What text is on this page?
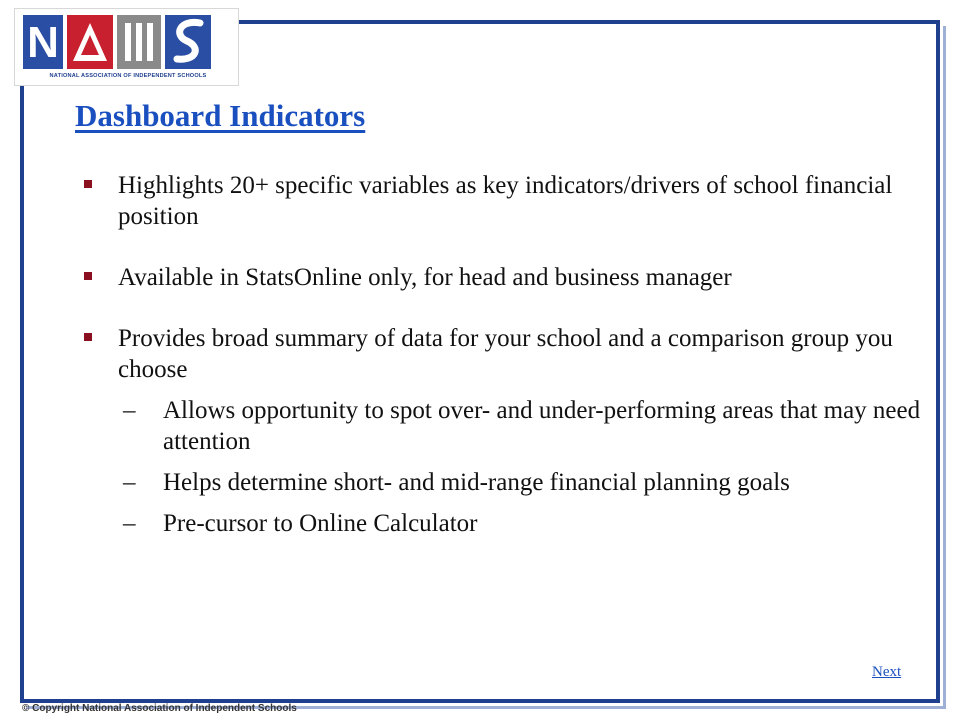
N
NATIONAL ASSOCIATION OF INDEPENDENT SCHOOLS
Dashboard Indicators
Highlights 20+ specific variables as key indicators/drivers of school financial position
Available in StatsOnline only, for head and business manager
Provides broad summary of data for your school and a comparison group you choose
– Allows opportunity to spot over- and under-performing areas that may need attention
– Helps determine short- and mid-range financial planning goals
– Pre-cursor to Online Calculator
Next
© Copyright National Association of Independent Schools
